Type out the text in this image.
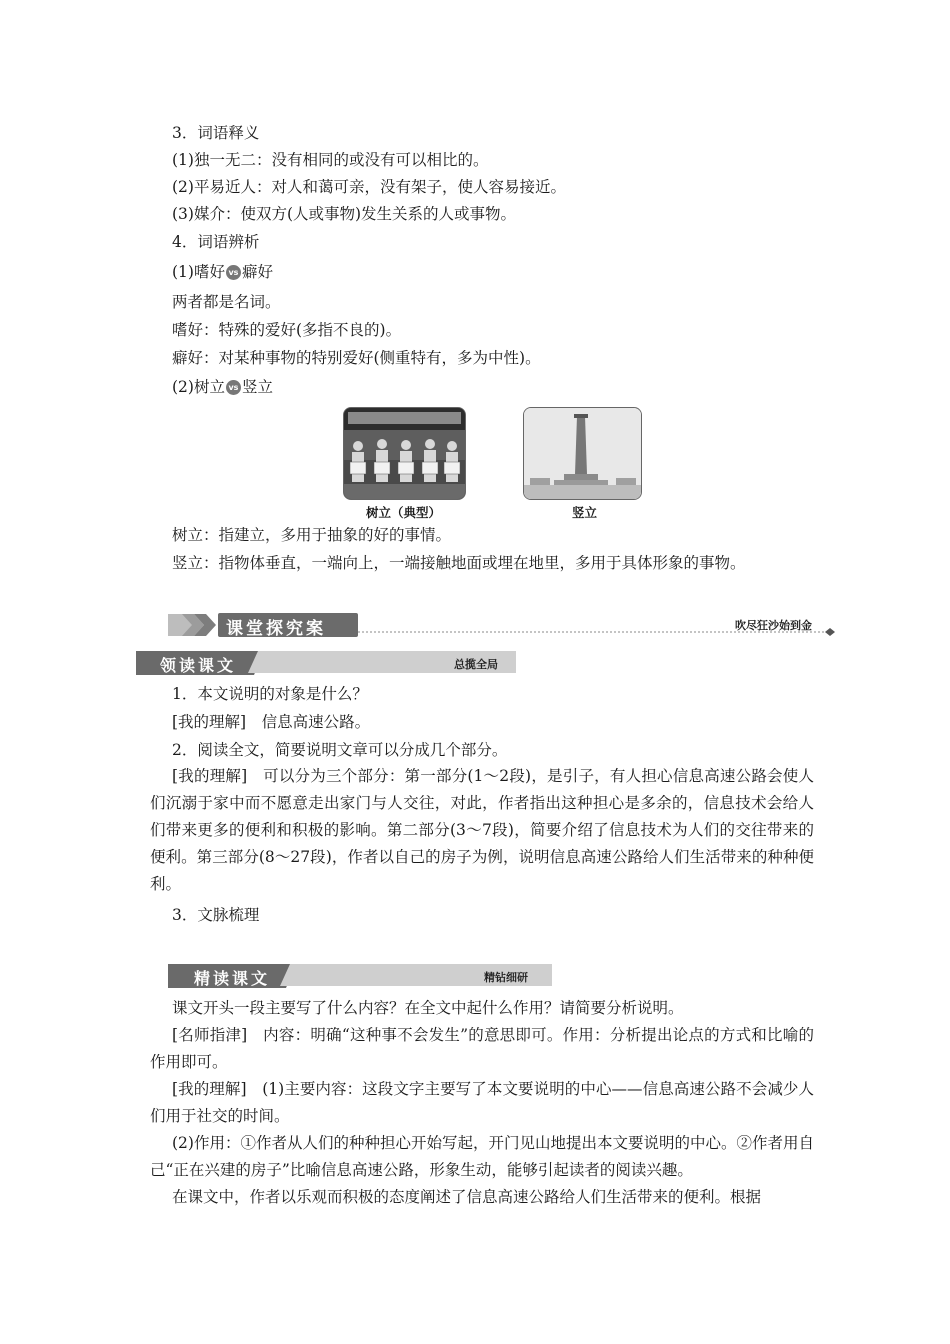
3．词语释义
(1)独一无二：没有相同的或没有可以相比的。
(2)平易近人：对人和蔼可亲，没有架子，使人容易接近。
(3)媒介：使双方(人或事物)发生关系的人或事物。
4．词语辨析
(1)嗜好 vs 癖好
两者都是名词。
嗜好：特殊的爱好(多指不良的)。
癖好：对某种事物的特别爱好(侧重特有，多为中性)。
(2)树立 vs 竖立
树立（典型）	竖立
树立：指建立，多用于抽象的好的事情。
竖立：指物体垂直，一端向上，一端接触地面或埋在地里，多用于具体形象的事物。
课堂探究案	吹尽狂沙始到金
领读课文	总揽全局
1．本文说明的对象是什么？
[我的理解]　信息高速公路。
2．阅读全文，简要说明文章可以分成几个部分。
[我的理解]　可以分为三个部分：第一部分(1～2段)，是引子，有人担心信息高速公路会使人们沉溺于家中而不愿意走出家门与人交往，对此，作者指出这种担心是多余的，信息技术会给人们带来更多的便利和积极的影响。第二部分(3～7段)，简要介绍了信息技术为人们的交往带来的便利。第三部分(8～27段)，作者以自己的房子为例，说明信息高速公路给人们生活带来的种种便利。
3．文脉梳理
精读课文	精钻细研
课文开头一段主要写了什么内容？在全文中起什么作用？请简要分析说明。
[名师指津]　内容：明确“这种事不会发生”的意思即可。作用：分析提出论点的方式和比喻的作用即可。
[我的理解]　(1)主要内容：这段文字主要写了本文要说明的中心——信息高速公路不会减少人们用于社交的时间。
(2)作用：①作者从人们的种种担心开始写起，开门见山地提出本文要说明的中心。②作者用自己“正在兴建的房子”比喻信息高速公路，形象生动，能够引起读者的阅读兴趣。
在课文中，作者以乐观而积极的态度阐述了信息高速公路给人们生活带来的便利。根据
